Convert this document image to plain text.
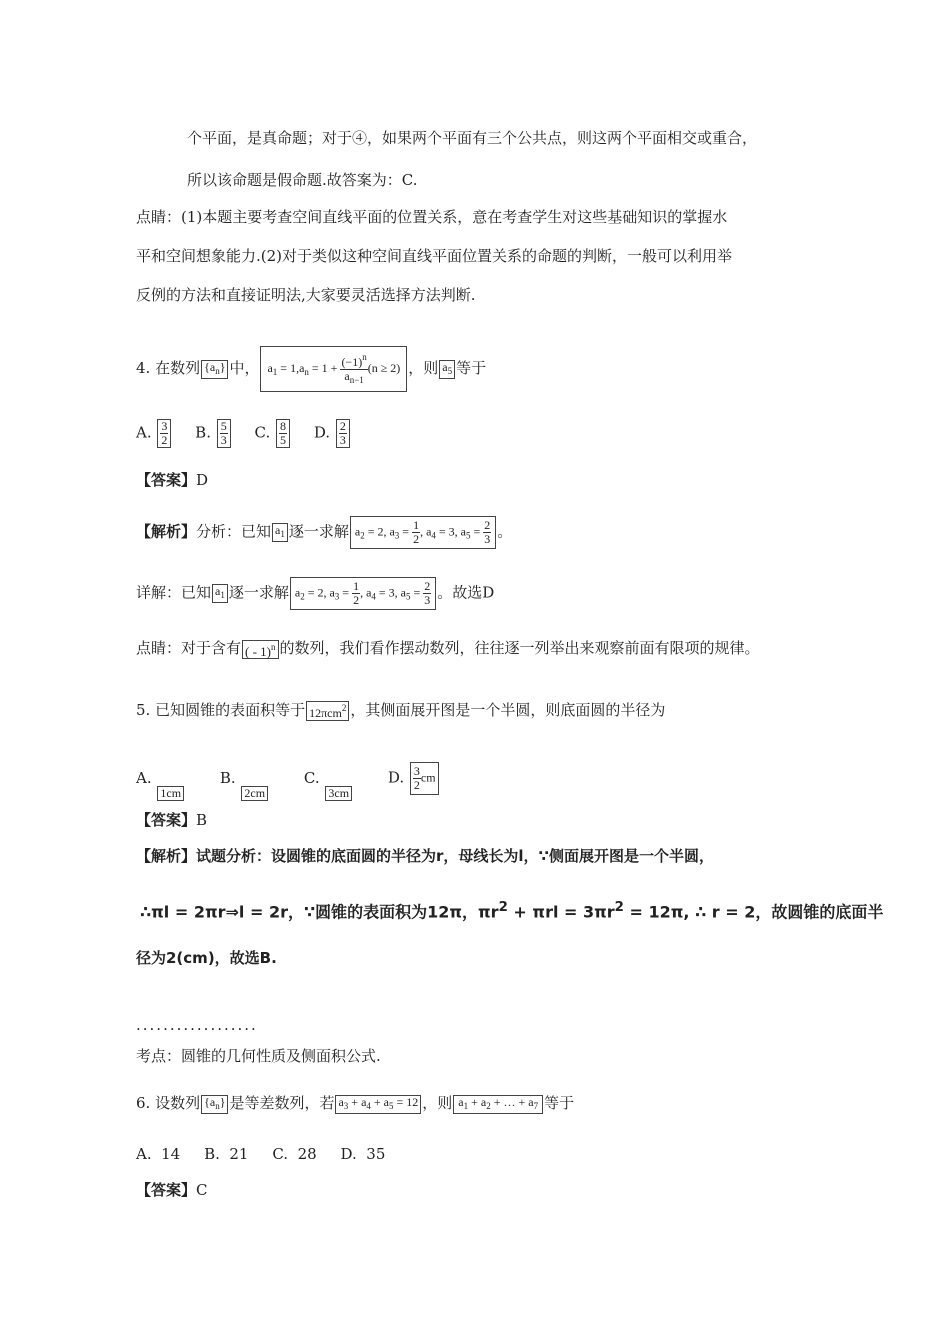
个平面，是真命题；对于④，如果两个平面有三个公共点，则这两个平面相交或重合，
所以该命题是假命题.故答案为：C.
点睛：(1)本题主要考查空间直线平面的位置关系，意在考查学生对这些基础知识的掌握水
平和空间想象能力.(2)对于类似这种空间直线平面位置关系的命题的判断，一般可以利用举
反例的方法和直接证明法,大家要灵活选择方法判断.
4. 在数列 $\{a_n\}$ 中， $a_1 = 1,a_n = 1 + \frac{(-1)^n}{a_{n-1}} (n \ge 2)$ ，则 $a_5$ 等于
A. $\frac{3}{2} B$. $\frac{5}{3} C$. $\frac{8}{5} D$. $\frac{2}{3}$
【答案】D
【解析】分析：已知 $a_1$ 逐一求解 $a_2 = 2$, $a_3 = \frac{1}{2}$ , $a_4 = 3$, $a_5 = \frac{2}{3}$ 。
详解：已知 $a_1$ 逐一求解 $a_2 = 2$, $a_3 = \frac{1}{2}$ , $a_4 = 3$, $a_5 = \frac{2}{3}$ 。故选D
点睛：对于含有 ( - 1)$^n$ 的数列，我们看作摆动数列，往往逐一列举出来观察前面有限项的规律。
5. 已知圆锥的表面积等于 12πcm$^2$ ，其侧面展开图是一个半圆，则底面圆的半径为
A. 1cm B. 2cm C. 3cm D. $\frac{3}{2}$ cm
【答案】B
【解析】试题分析：设圆锥的底面圆的半径为r，母线长为l，∵侧面展开图是一个半圆，
∴πl = 2πr⇒l = 2r，∵圆锥的表面积为12π，$\pi r^2 + \pi rl = 3\pi r^2 = 12\pi$, ∴ r = 2，故圆锥的底面半
径为2(cm)，故选B.
..................
考点：圆锥的几何性质及侧面积公式.
6. 设数列 $\{a_n\}$ 是等差数列，若 $a_3 + a_4 + a_5 = 12$ ，则 $a_1 + a_2$ + … + $a_7$ 等于
A.  14     B.  21     C.  28     D.  35
【答案】C
